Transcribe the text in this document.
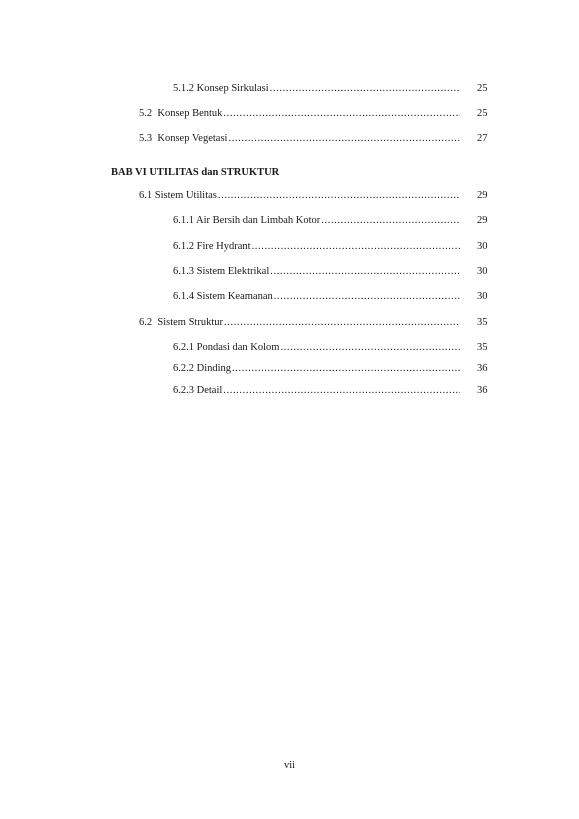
5.1.2 Konsep Sirkulasi .....	25
5.2  Konsep Bentuk .....	25
5.3  Konsep Vegetasi .....	27
BAB VI UTILITAS dan STRUKTUR
6.1 Sistem Utilitas .....	29
6.1.1 Air Bersih dan Limbah Kotor .....	29
6.1.2 Fire Hydrant .....	30
6.1.3 Sistem Elektrikal .....	30
6.1.4 Sistem Keamanan .....	30
6.2  Sistem Struktur .....	35
6.2.1 Pondasi dan Kolom .....	35
6.2.2 Dinding .....	36
6.2.3 Detail .....	36
vii
